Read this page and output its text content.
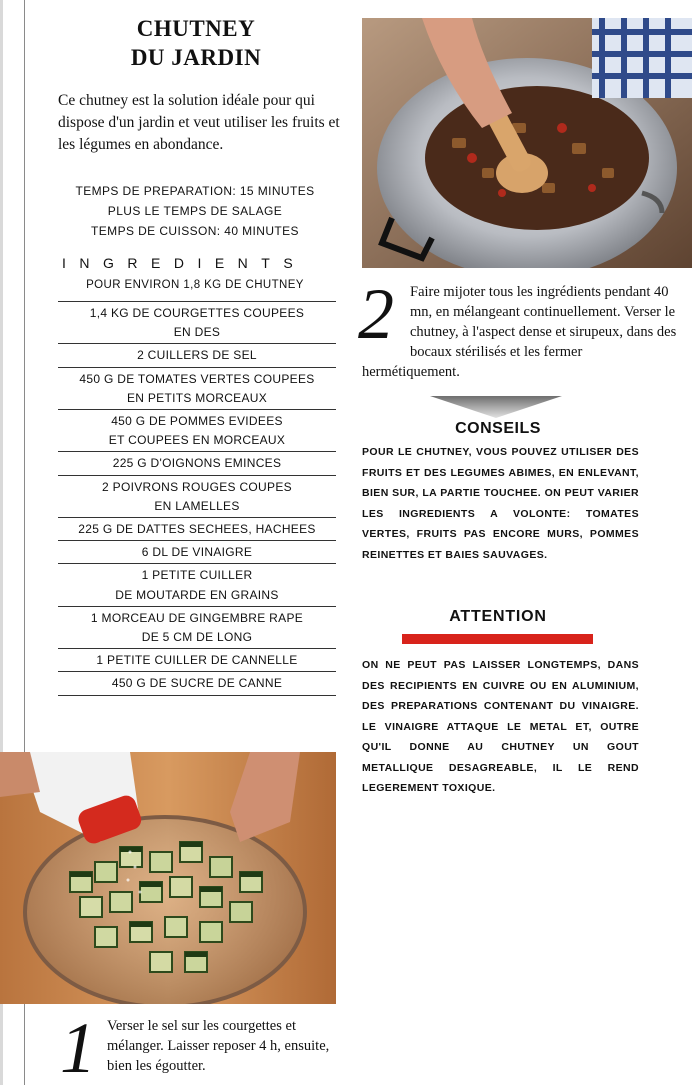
CHUTNEY
DU JARDIN

Ce chutney est la solution idéale pour qui dispose d'un jardin et veut utiliser les fruits et les légumes en abondance.

TEMPS DE PREPARATION: 15 MINUTES
PLUS LE TEMPS DE SALAGE
TEMPS DE CUISSON: 40 MINUTES
INGREDIENTS
POUR ENVIRON 1,8 KG DE CHUTNEY
1,4 KG DE COURGETTES COUPEES
EN DES
2 CUILLERS DE SEL
450 G DE TOMATES VERTES COUPEES
EN PETITS MORCEAUX
450 G DE POMMES EVIDEES
ET COUPEES EN MORCEAUX
225 G D'OIGNONS EMINCES
2 POIVRONS ROUGES COUPES
EN LAMELLES
225 G DE DATTES SECHEES, HACHEES
6 DL DE VINAIGRE
1 PETITE CUILLER
DE MOUTARDE EN GRAINS
1 MORCEAU DE GINGEMBRE RAPE
DE 5 CM DE LONG
1 PETITE CUILLER DE CANNELLE
450 G DE SUCRE DE CANNE
2	Faire mijoter tous les ingrédients pendant 40 mn, en mélangeant continuellement. Verser le chutney, à l'aspect dense et sirupeux, dans des bocaux stérilisés et les fermer hermétiquement.
CONSEILS

POUR LE CHUTNEY, VOUS POUVEZ UTILISER DES FRUITS ET DES LEGUMES ABIMES, EN ENLEVANT, BIEN SUR, LA PARTIE TOUCHEE. ON PEUT VARIER LES INGREDIENTS A VOLONTE: TOMATES VERTES, FRUITS PAS ENCORE MURS, POMMES REINETTES ET BAIES SAUVAGES.

ATTENTION

ON NE PEUT PAS LAISSER LONGTEMPS, DANS DES RECIPIENTS EN CUIVRE OU EN ALUMINIUM, DES PREPARATIONS CONTENANT DU VINAIGRE. LE VINAIGRE ATTAQUE LE METAL ET, OUTRE QU'IL DONNE AU CHUTNEY UN GOUT METALLIQUE DESAGREABLE, IL LE REND LEGEREMENT TOXIQUE.

1 Verser le sel sur les courgettes et mélanger. Laisser reposer 4 h, ensuite, bien les égoutter.
